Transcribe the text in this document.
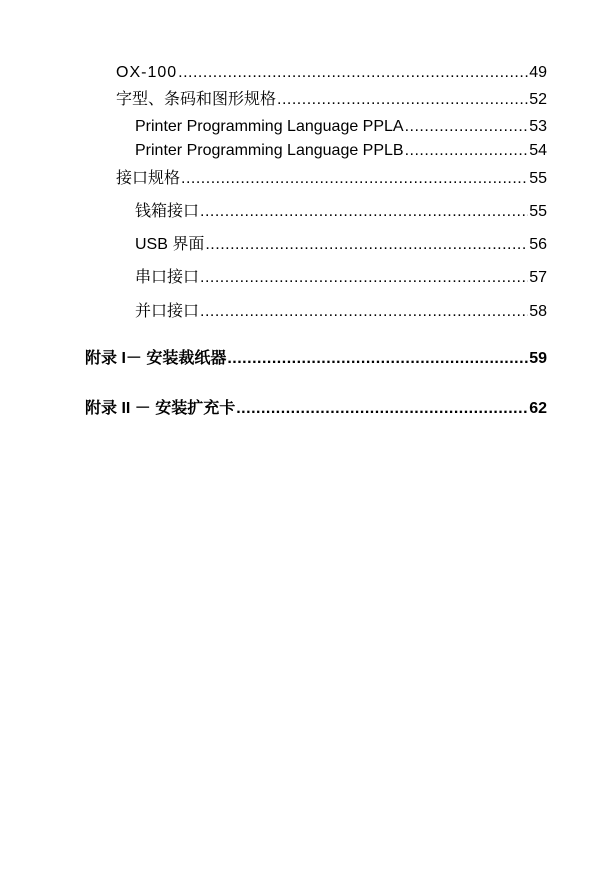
OX-100 .....	49
字型、条码和图形规格 .....	52
Printer Programming Language PPLA .....	53
Printer Programming Language PPLB .....	54
接口规格 .....	55
钱箱接口 .....	55
USB 界面 .....	56
串口接口 .....	57
并口接口 .....	58
附录 I－ 安装裁纸器 .....	59
附录 II － 安装扩充卡 .....	62
